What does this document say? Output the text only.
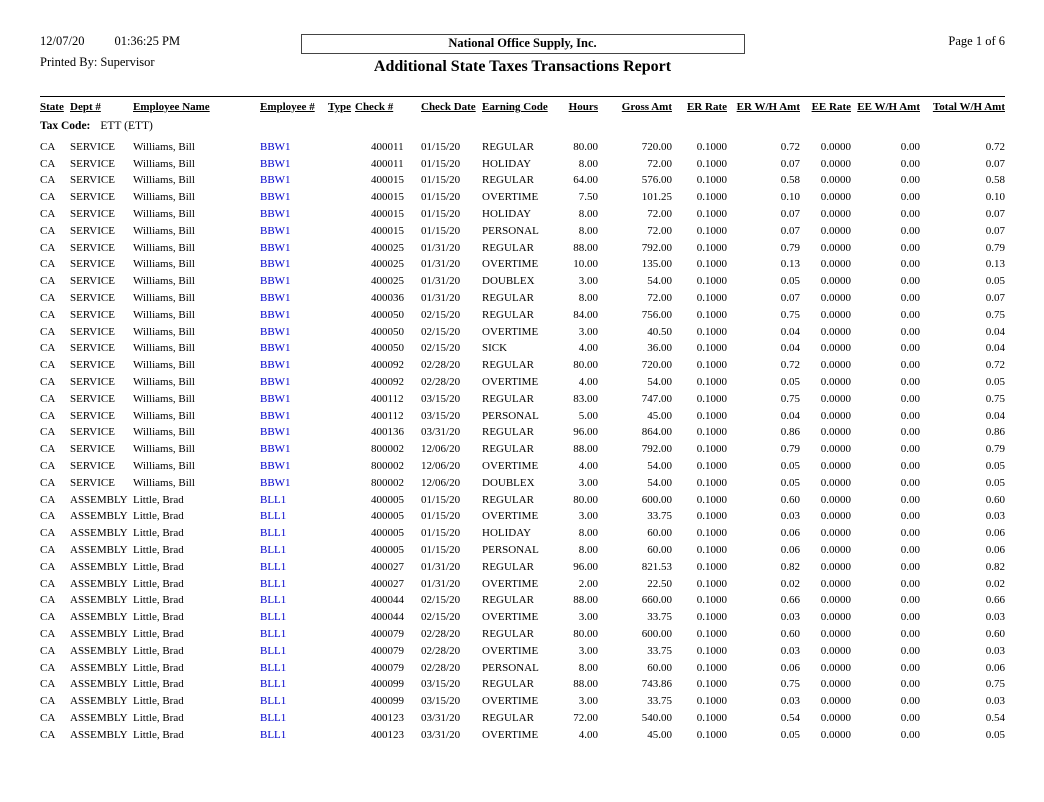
12/07/20 01:36:25 PM
Printed By: Supervisor
National Office Supply, Inc.
Additional State Taxes Transactions Report
Page 1 of 6
State	Dept #	Employee Name	Employee #	Type	Check #	Check Date	Earning Code	Hours	Gross Amt	ER Rate	ER W/H Amt	EE Rate	EE W/H Amt	Total W/H Amt
Tax Code: ETT (ETT)														
CA	SERVICE	Williams, Bill	BBW1		400011	01/15/20	REGULAR	80.00	720.00	0.1000	0.72	0.0000	0.00	0.72
CA	SERVICE	Williams, Bill	BBW1		400011	01/15/20	HOLIDAY	8.00	72.00	0.1000	0.07	0.0000	0.00	0.07
CA	SERVICE	Williams, Bill	BBW1		400015	01/15/20	REGULAR	64.00	576.00	0.1000	0.58	0.0000	0.00	0.58
CA	SERVICE	Williams, Bill	BBW1		400015	01/15/20	OVERTIME	7.50	101.25	0.1000	0.10	0.0000	0.00	0.10
CA	SERVICE	Williams, Bill	BBW1		400015	01/15/20	HOLIDAY	8.00	72.00	0.1000	0.07	0.0000	0.00	0.07
CA	SERVICE	Williams, Bill	BBW1		400015	01/15/20	PERSONAL	8.00	72.00	0.1000	0.07	0.0000	0.00	0.07
CA	SERVICE	Williams, Bill	BBW1		400025	01/31/20	REGULAR	88.00	792.00	0.1000	0.79	0.0000	0.00	0.79
CA	SERVICE	Williams, Bill	BBW1		400025	01/31/20	OVERTIME	10.00	135.00	0.1000	0.13	0.0000	0.00	0.13
CA	SERVICE	Williams, Bill	BBW1		400025	01/31/20	DOUBLEX	3.00	54.00	0.1000	0.05	0.0000	0.00	0.05
CA	SERVICE	Williams, Bill	BBW1		400036	01/31/20	REGULAR	8.00	72.00	0.1000	0.07	0.0000	0.00	0.07
CA	SERVICE	Williams, Bill	BBW1		400050	02/15/20	REGULAR	84.00	756.00	0.1000	0.75	0.0000	0.00	0.75
CA	SERVICE	Williams, Bill	BBW1		400050	02/15/20	OVERTIME	3.00	40.50	0.1000	0.04	0.0000	0.00	0.04
CA	SERVICE	Williams, Bill	BBW1		400050	02/15/20	SICK	4.00	36.00	0.1000	0.04	0.0000	0.00	0.04
CA	SERVICE	Williams, Bill	BBW1		400092	02/28/20	REGULAR	80.00	720.00	0.1000	0.72	0.0000	0.00	0.72
CA	SERVICE	Williams, Bill	BBW1		400092	02/28/20	OVERTIME	4.00	54.00	0.1000	0.05	0.0000	0.00	0.05
CA	SERVICE	Williams, Bill	BBW1		400112	03/15/20	REGULAR	83.00	747.00	0.1000	0.75	0.0000	0.00	0.75
CA	SERVICE	Williams, Bill	BBW1		400112	03/15/20	PERSONAL	5.00	45.00	0.1000	0.04	0.0000	0.00	0.04
CA	SERVICE	Williams, Bill	BBW1		400136	03/31/20	REGULAR	96.00	864.00	0.1000	0.86	0.0000	0.00	0.86
CA	SERVICE	Williams, Bill	BBW1		800002	12/06/20	REGULAR	88.00	792.00	0.1000	0.79	0.0000	0.00	0.79
CA	SERVICE	Williams, Bill	BBW1		800002	12/06/20	OVERTIME	4.00	54.00	0.1000	0.05	0.0000	0.00	0.05
CA	SERVICE	Williams, Bill	BBW1		800002	12/06/20	DOUBLEX	3.00	54.00	0.1000	0.05	0.0000	0.00	0.05
CA	ASSEMBLY	Little, Brad	BLL1		400005	01/15/20	REGULAR	80.00	600.00	0.1000	0.60	0.0000	0.00	0.60
CA	ASSEMBLY	Little, Brad	BLL1		400005	01/15/20	OVERTIME	3.00	33.75	0.1000	0.03	0.0000	0.00	0.03
CA	ASSEMBLY	Little, Brad	BLL1		400005	01/15/20	HOLIDAY	8.00	60.00	0.1000	0.06	0.0000	0.00	0.06
CA	ASSEMBLY	Little, Brad	BLL1		400005	01/15/20	PERSONAL	8.00	60.00	0.1000	0.06	0.0000	0.00	0.06
CA	ASSEMBLY	Little, Brad	BLL1		400027	01/31/20	REGULAR	96.00	821.53	0.1000	0.82	0.0000	0.00	0.82
CA	ASSEMBLY	Little, Brad	BLL1		400027	01/31/20	OVERTIME	2.00	22.50	0.1000	0.02	0.0000	0.00	0.02
CA	ASSEMBLY	Little, Brad	BLL1		400044	02/15/20	REGULAR	88.00	660.00	0.1000	0.66	0.0000	0.00	0.66
CA	ASSEMBLY	Little, Brad	BLL1		400044	02/15/20	OVERTIME	3.00	33.75	0.1000	0.03	0.0000	0.00	0.03
CA	ASSEMBLY	Little, Brad	BLL1		400079	02/28/20	REGULAR	80.00	600.00	0.1000	0.60	0.0000	0.00	0.60
CA	ASSEMBLY	Little, Brad	BLL1		400079	02/28/20	OVERTIME	3.00	33.75	0.1000	0.03	0.0000	0.00	0.03
CA	ASSEMBLY	Little, Brad	BLL1		400079	02/28/20	PERSONAL	8.00	60.00	0.1000	0.06	0.0000	0.00	0.06
CA	ASSEMBLY	Little, Brad	BLL1		400099	03/15/20	REGULAR	88.00	743.86	0.1000	0.75	0.0000	0.00	0.75
CA	ASSEMBLY	Little, Brad	BLL1		400099	03/15/20	OVERTIME	3.00	33.75	0.1000	0.03	0.0000	0.00	0.03
CA	ASSEMBLY	Little, Brad	BLL1		400123	03/31/20	REGULAR	72.00	540.00	0.1000	0.54	0.0000	0.00	0.54
CA	ASSEMBLY	Little, Brad	BLL1		400123	03/31/20	OVERTIME	4.00	45.00	0.1000	0.05	0.0000	0.00	0.05
